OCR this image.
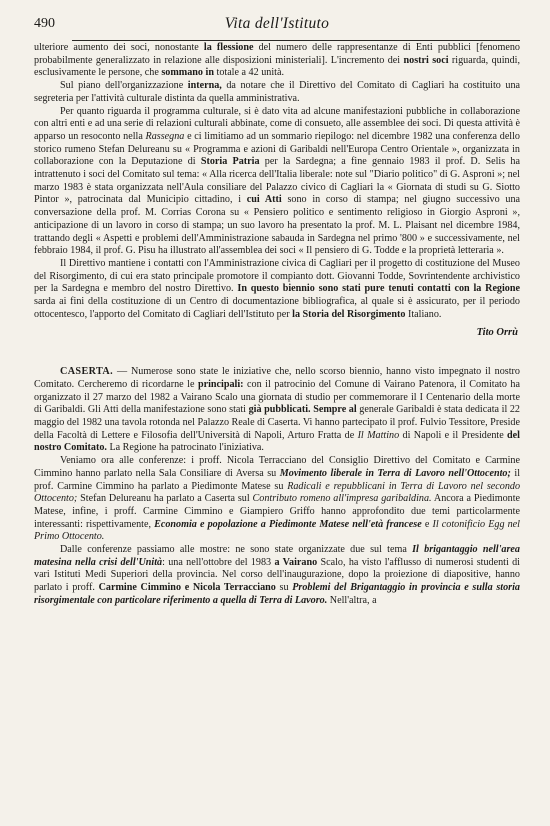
490	Vita dell'Istituto

ulteriore aumento dei soci, nonostante la flessione del numero delle rappresentanze di Enti pubblici [fenomeno probabilmente generalizzato in relazione alle disposizioni ministeriali]. L'incremento dei nostri soci riguarda, quindi, esclusivamente le persone, che sommano in totale a 42 unità.

Sul piano dell'organizzazione interna, da notare che il Direttivo del Comitato di Cagliari ha costituito una segreteria per l'attività culturale distinta da quella amministrativa.

Per quanto riguarda il programma culturale, si è dato vita ad alcune manifestazioni pubbliche in collaborazione con altri enti e ad una serie di relazioni culturali abbinate, come di consueto, alle assemblee dei soci. Di questa attività è apparso un resoconto nella Rassegna e ci limitiamo ad un sommario riepilogo: nel dicembre 1982 una conferenza dello storico rumeno Stefan Delureanu su « Programma e azioni di Garibaldi nell'Europa Centro Orientale », organizzata in collaborazione con la Deputazione di Storia Patria per la Sardegna; a fine gennaio 1983 il prof. D. Selis ha intrattenuto i soci del Comitato sul tema: « Alla ricerca dell'Italia liberale: note sul "Diario politico" di G. Asproni »; nel marzo 1983 è stata organizzata nell'Aula consiliare del Palazzo civico di Cagliari la « Giornata di studi su G. Siotto Pintor », patrocinata dal Municipio cittadino, i cui Atti sono in corso di stampa; nel giugno successivo una conversazione della prof. M. Corrias Corona su « Pensiero politico e sentimento religioso in Giorgio Asproni », anticipazione di un lavoro in corso di stampa; un suo lavoro ha presentato la prof. M. L. Plaisant nel dicembre 1984, trattando degli « Aspetti e problemi dell'Amministrazione sabauda in Sardegna nel primo '800 » e successivamente, nel febbraio 1984, il prof. G. Pisu ha illustrato all'assemblea dei soci « Il pensiero di G. Todde e la proprietà letteraria ».

Il Direttivo mantiene i contatti con l'Amministrazione civica di Cagliari per il progetto di costituzione del Museo del Risorgimento, di cui era stato principale promotore il compianto dott. Giovanni Todde, Sovrintendente archivistico per la Sardegna e membro del nostro Direttivo. In questo biennio sono stati pure tenuti contatti con la Regione sarda ai fini della costituzione di un Centro di documentazione bibliografica, al quale si è assicurato, per il periodo ottocentesco, l'apporto del Comitato di Cagliari dell'Istituto per la Storia del Risorgimento Italiano.

Tito Orrù

CASERTA. — Numerose sono state le iniziative che, nello scorso biennio, hanno visto impegnato il nostro Comitato. Cercheremo di ricordarne le principali: con il patrocinio del Comune di Vairano Patenora, il Comitato ha organizzato il 27 marzo del 1982 a Vairano Scalo una giornata di studio per commemorare il I Centenario della morte di Garibaldi. Gli Atti della manifestazione sono stati già pubblicati. Sempre al generale Garibaldi è stata dedicata il 22 maggio del 1982 una tavola rotonda nel Palazzo Reale di Caserta. Vi hanno partecipato il prof. Fulvio Tessitore, Preside della Facoltà di Lettere e Filosofia dell'Università di Napoli, Arturo Fratta de Il Mattino di Napoli e il Presidente del nostro Comitato. La Regione ha patrocinato l'iniziativa.

Veniamo ora alle conferenze: i proff. Nicola Terracciano del Consiglio Direttivo del Comitato e Carmine Cimmino hanno parlato nella Sala Consiliare di Aversa su Movimento liberale in Terra di Lavoro nell'Ottocento; il prof. Carmine Cimmino ha parlato a Piedimonte Matese su Radicali e repubblicani in Terra di Lavoro nel secondo Ottocento; Stefan Delureanu ha parlato a Caserta sul Contributo romeno all'impresa garibaldina. Ancora a Piedimonte Matese, infine, i proff. Carmine Cimmino e Giampiero Griffo hanno approfondito due temi particolarmente interessanti: rispettivamente, Economia e popolazione a Piedimonte Matese nell'età francese e Il cotonificio Egg nel Primo Ottocento.

Dalle conferenze passiamo alle mostre: ne sono state organizzate due sul tema Il brigantaggio nell'area matesina nella crisi dell'Unità: una nell'ottobre del 1983 a Vairano Scalo, ha visto l'afflusso di numerosi studenti di vari Istituti Medi Superiori della provincia. Nel corso dell'inaugurazione, dopo la proiezione di diapositive, hanno parlato i proff. Carmine Cimmino e Nicola Terracciano su Problemi del Brigantaggio in provincia e sulla storia risorgimentale con particolare riferimento a quella di Terra di Lavoro. Nell'altra, a
